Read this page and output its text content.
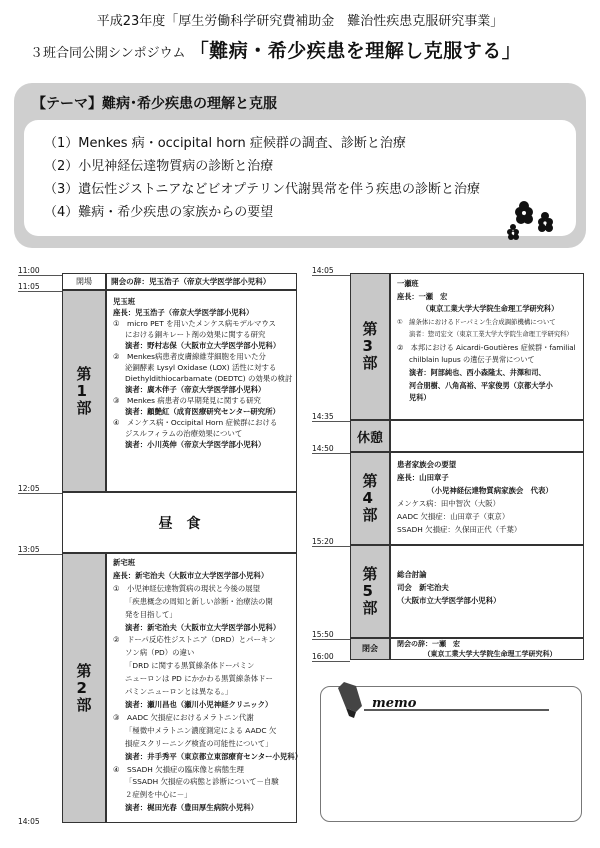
平成23年度「厚生労働科学研究費補助金　難治性疾患克服研究事業」
３班合同公開シンポジウム 「難病・希少疾患を理解し克服する」
【テーマ】難病･希少疾患の理解と克服
（1）Menkes 病・occipital horn 症候群の調査、診断と治療
（2）小児神経伝達物質病の診断と治療
（3）遺伝性ジストニアなどビオプテリン代謝異常を伴う疾患の診断と治療
（4）難病・希少疾患の家族からの要望
11:00
11:05
12:05
13:05
14:05
開場	開会の辞：児玉浩子（帝京大学医学部小児科）
第
1
部
児玉班
座長：児玉浩子（帝京大学医学部小児科）
①　micro PET を用いたメンケス病モデルマウス
における銅キレート剤の効果に関する研究
演者：野村志保（大阪市立大学医学部小児科）
②　Menkes病患者皮膚線維芽細胞を用いた分
泌銅酵素 Lysyl Oxidase (LOX) 活性に対する
Diethyldithiocarbamate (DEDTC) の効果の検討
演者：廣木伴子（帝京大学医学部小児科）
③　Menkes 病患者の早期発見に関する研究
演者：顧艶紅（成育医療研究センター研究所）
④　メンケス病・Occipital Horn 症候群における
ジスルフィラムの治療効果について
演者：小川英伸（帝京大学医学部小児科）
昼　食
第
2
部
新宅班
座長：新宅治夫（大阪市立大学医学部小児科）
①　小児神経伝達物質病の現状と今後の展望
「疾患概念の周知と新しい診断・治療法の開
発を目指して」
演者：新宅治夫（大阪市立大学医学部小児科）
②　ドーパ反応性ジストニア（DRD）とパーキン
ソン病（PD）の違い
「DRD に関する黒質線条体ドーパミン
ニューロンは PD にかかわる黒質線条体ドー
パミンニューロンとは異なる。」
演者：瀬川昌也（瀬川小児神経クリニック）
③　AADC 欠損症におけるメラトニン代謝
「極微中メラトニン濃度測定による AADC 欠
損症スクリーニング検査の可能性について」
演者：井手秀平（東京都立東部療育センター小児科）
④　SSADH 欠損症の臨床像と病態生理
「SSADH 欠損症の病態と診断について－自験
２症例を中心に－」
演者：梶田光春（豊田厚生病院小児科）
14:05
14:35
14:50
15:20
15:50
16:00
第
3
部
一瀬班
座長：一瀬　宏
（東京工業大学大学院生命理工学研究科）
①　線条体におけるドーパミン生合成調節機構について
演者：惣司宏文（東京工業大学大学院生命理工学研究科）
②　本邦における Aicardi-Goutières 症候群・familial
chilblain lupus の遺伝子異常について
演者：阿部純也、西小森隆太、井澤和司、
河合朋樹、八角高裕、平家俊男（京都大学小
児科）
休憩
第
4
部
患者家族会の要望
座長：山田章子
（小児神経伝達物質病家族会　代表）
メンケス病：田中智次（大阪）
AADC 欠損症：山田章子（東京）
SSADH 欠損症：久保田正代（千葉）
第
5
部
総合討論
司会　新宅治夫
（大阪市立大学医学部小児科）
閉会	閉会の辞：一瀬　宏
（東京工業大学大学院生命理工学研究科）
memo
